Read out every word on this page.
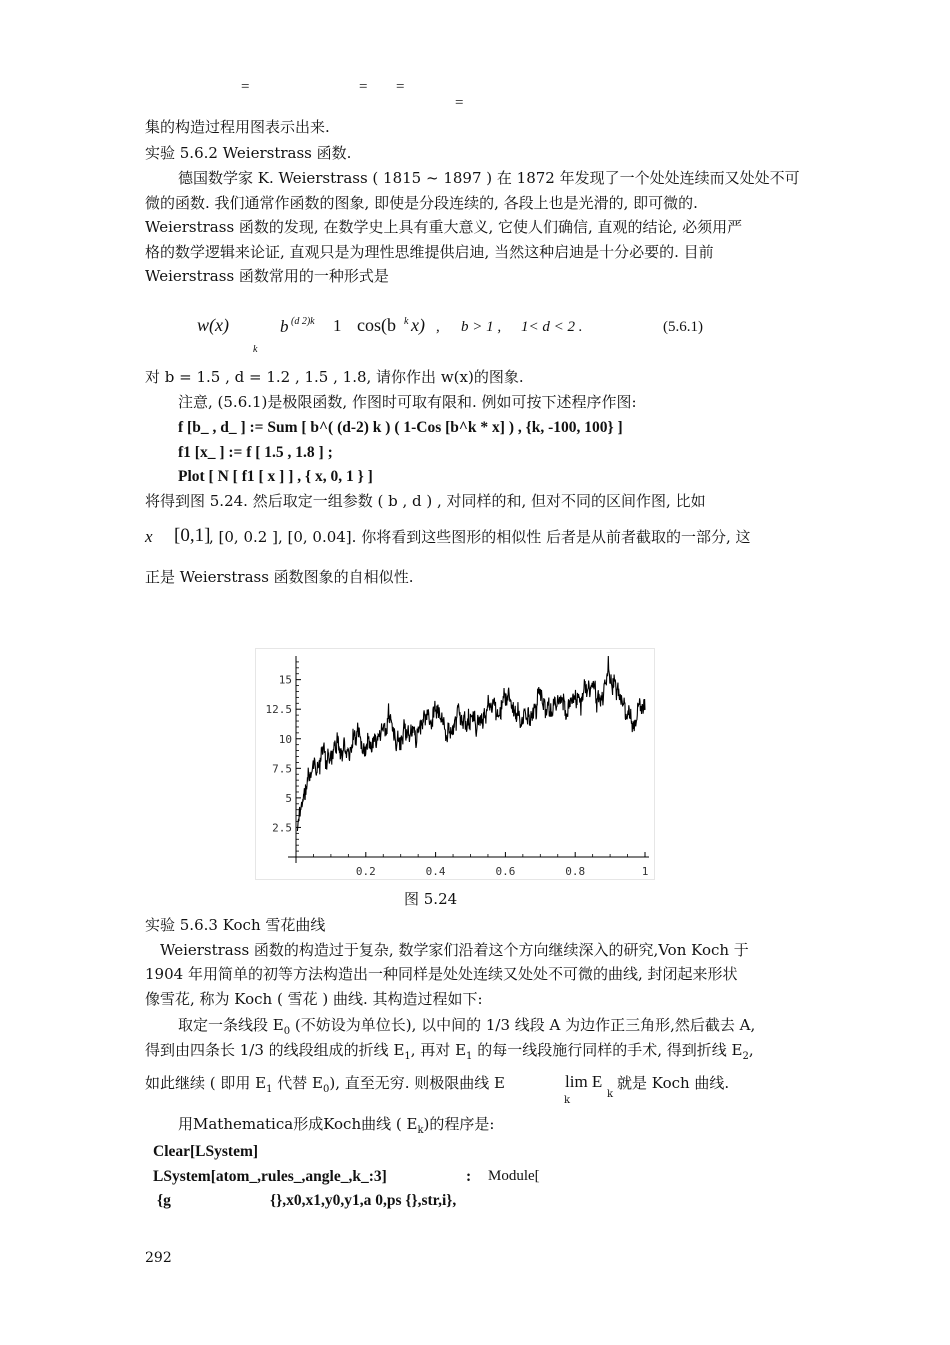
=	= =
=
集的构造过程用图表示出来.
实验 5.6.2 Weierstrass 函数.
德国数学家 K. Weierstrass ( 1815 ~ 1897 ) 在 1872 年发现了一个处处连续而又处处不可
微的函数. 我们通常作函数的图象, 即使是分段连续的, 各段上也是光滑的, 即可微的.
Weierstrass 函数的发现, 在数学史上具有重大意义, 它使人们确信, 直观的结论, 必须用严
格的数学逻辑来论证, 直观只是为理性思维提供启迪, 当然这种启迪是十分必要的. 目前
Weierstrass 函数常用的一种形式是
w(x)	b (d 2)k 1 cos(b k x) , b > 1 , 1< d < 2 .	(5.6.1)
k
对 b = 1.5 , d = 1.2 , 1.5 , 1.8, 请你作出 w(x)的图象.
注意, (5.6.1)是极限函数, 作图时可取有限和. 例如可按下述程序作图:
f [b_ , d_ ] := Sum [ b^( (d-2) k ) ( 1-Cos [b^k * x] ) , {k, -100, 100} ]
f1 [x_ ] := f [ 1.5 , 1.8 ] ;
Plot [ N [ f1 [ x ] ] , { x, 0, 1 } ]
将得到图 5.24. 然后取定一组参数 ( b , d ) , 对同样的和, 但对不同的区间作图, 比如
x [0,1]
, [0, 0.2 ], [0, 0.04]. 你将看到这些图形的相似性 后者是从前者截取的一部分, 这
正是 Weierstrass 函数图象的自相似性.
0.2	0.4	0.6	0.8	1
2.5
5
7.5
10
12.5
15
图 5.24
实验 5.6.3 Koch 雪花曲线
Weierstrass 函数的构造过于复杂, 数学家们沿着这个方向继续深入的研究,Von Koch 于
1904 年用简单的初等方法构造出一种同样是处处连续又处处不可微的曲线, 封闭起来形状
像雪花, 称为 Koch ( 雪花 ) 曲线. 其构造过程如下:
取定一条线段 $E_0$ (不妨设为单位长), 以中间的 1/3 线段 A 为边作正三角形,然后截去 A,
得到由四条长 1/3 的线段组成的折线 $E_1$, 再对 $E_1$ 的每一线段施行同样的手术, 得到折线 $E_2$,
如此继续 ( 即用 $E_1$ 代替 $E_0$), 直至无穷. 则极限曲线 E	lim E
k
k
就是 Koch 曲线.
用Mathematica形成Koch曲线 ( $E_k$)的程序是:
Clear[LSystem]
LSystem[atom_,rules_,angle_,k_:3]	: Module[
{g	{},x0,x1,y0,y1,a 0,ps {},str,i},
292
